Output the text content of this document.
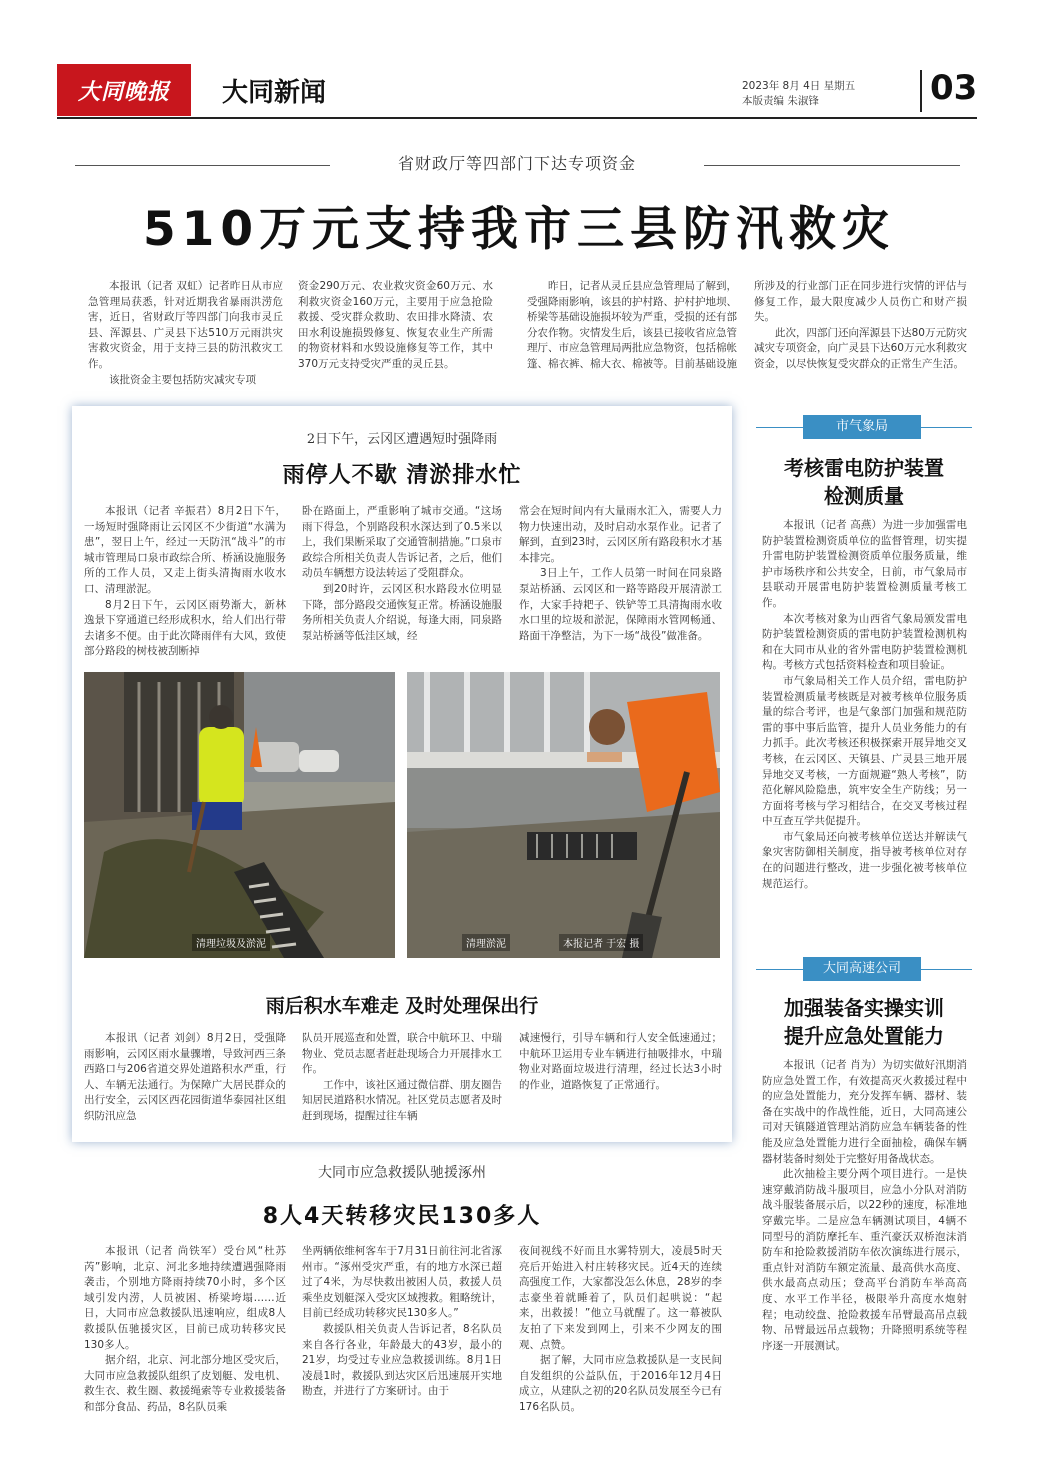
大同晚报	大同新闻	2023年 8月 4日 星期五
本版责编 朱淑锋	03
省财政厅等四部门下达专项资金
510万元支持我市三县防汛救灾

本报讯（记者 双虹）记者昨日从市应急管理局获悉，针对近期我省暴雨洪涝危害，近日，省财政厅等四部门向我市灵丘县、浑源县、广灵县下达510万元雨洪灾害救灾资金，用于支持三县的防汛救灾工作。

该批资金主要包括防灾减灾专项

资金290万元、农业救灾资金60万元、水利救灾资金160万元，主要用于应急抢险救援、受灾群众救助、农田排水降渍、农田水利设施损毁修复、恢复农业生产所需的物资材料和水毁设施修复等工作，其中370万元支持受灾严重的灵丘县。

昨日，记者从灵丘县应急管理局了解到，受强降雨影响，该县的护村路、护村护地坝、桥梁等基础设施损坏较为严重，受损的还有部分农作物。灾情发生后，该县已接收省应急管理厅、市应急管理局两批应急物资，包括棉帐篷、棉衣裤、棉大衣、棉被等。目前基础设施

所涉及的行业部门正在同步进行灾情的评估与修复工作，最大限度减少人员伤亡和财产损失。

此次，四部门还向浑源县下达80万元防灾减灾专项资金，向广灵县下达60万元水利救灾资金，以尽快恢复受灾群众的正常生产生活。

2日下午，云冈区遭遇短时强降雨
雨停人不歇 清淤排水忙

本报讯（记者 辛振君）8月2日下午，一场短时强降雨让云冈区不少街道“水满为患”，翌日上午，经过一天防汛“战斗”的市城市管理局口泉市政综合所、桥涵设施服务所的工作人员，又走上街头清掏雨水收水口、清理淤泥。

8月2日下午，云冈区雨势渐大，新林逸景下穿通道已经形成积水，给人们出行带去诸多不便。由于此次降雨伴有大风，致使部分路段的树枝被刮断掉

卧在路面上，严重影响了城市交通。“这场雨下得急，个别路段积水深达到了0.5米以上，我们果断采取了交通管制措施。”口泉市政综合所相关负责人告诉记者，之后，他们动员车辆想方设法转运了受阻群众。

到20时许，云冈区积水路段水位明显下降，部分路段交通恢复正常。桥涵设施服务所相关负责人介绍说，每逢大雨，同泉路泵站桥涵等低洼区域，经

常会在短时间内有大量雨水汇入，需要人力物力快速出动，及时启动水泵作业。记者了解到，直到23时，云冈区所有路段积水才基本排完。

3日上午，工作人员第一时间在同泉路泵站桥涵、云冈区和一路等路段开展清淤工作，大家手持耙子、铁铲等工具清掏雨水收水口里的垃圾和淤泥，保障雨水管网畅通、路面干净整洁，为下一场“战役”做准备。

清理垃圾及淤泥	清理淤泥	本报记者 于宏 摄
雨后积水车难走 及时处理保出行

本报讯（记者 刘剑）8月2日，受强降雨影响，云冈区雨水量骤增，导致河西三条西路口与206省道交界处道路积水严重，行人、车辆无法通行。为保障广大居民群众的出行安全，云冈区西花园街道华泰园社区组织防汛应急

队员开展巡查和处置，联合中航环卫、中瑞物业、党员志愿者赶赴现场合力开展排水工作。

工作中，该社区通过微信群、朋友圈告知居民道路积水情况。社区党员志愿者及时赶到现场，提醒过往车辆

减速慢行，引导车辆和行人安全低速通过；中航环卫运用专业车辆进行抽吸排水，中瑞物业对路面垃圾进行清理，经过长达3小时的作业，道路恢复了正常通行。

大同市应急救援队驰援涿州
8人4天转移灾民130多人

本报讯（记者 尚铁军）受台风“杜苏芮”影响，北京、河北多地持续遭遇强降雨袭击，个别地方降雨持续70小时，多个区域引发内涝，人员被困、桥梁垮塌……近日，大同市应急救援队迅速响应，组成8人救援队伍驰援灾区，目前已成功转移灾民130多人。

据介绍，北京、河北部分地区受灾后，大同市应急救援队组织了皮划艇、发电机、救生衣、救生圈、救援绳索等专业救援装备和部分食品、药品，8名队员乘

坐两辆依维柯客车于7月31日前往河北省涿州市。“涿州受灾严重，有的地方水深已超过了4米，为尽快救出被困人员，救援人员乘坐皮划艇深入受灾区域搜救。粗略统计，目前已经成功转移灾民130多人。”

救援队相关负责人告诉记者，8名队员来自各行各业，年龄最大的43岁，最小的21岁，均受过专业应急救援训练。8月1日凌晨1时，救援队到达灾区后迅速展开实地勘查，并进行了方案研讨。由于

夜间视线不好而且水雾特别大，凌晨5时天亮后开始进入村庄转移灾民。近4天的连续高强度工作，大家都没怎么休息，28岁的李志豪坐着就睡着了，队员们起哄说：“起来，出救援！”他立马就醒了。这一幕被队友拍了下来发到网上，引来不少网友的围观、点赞。

据了解，大同市应急救援队是一支民间自发组织的公益队伍，于2016年12月4日成立，从建队之初的20名队员发展至今已有176名队员。

市气象局
考核雷电防护装置
检测质量

本报讯（记者 高燕）为进一步加强雷电防护装置检测资质单位的监督管理，切实提升雷电防护装置检测资质单位服务质量，维护市场秩序和公共安全，日前，市气象局市县联动开展雷电防护装置检测质量考核工作。

本次考核对象为山西省气象局颁发雷电防护装置检测资质的雷电防护装置检测机构和在大同市从业的省外雷电防护装置检测机构。考核方式包括资料检查和项目验证。

市气象局相关工作人员介绍，雷电防护装置检测质量考核既是对被考核单位服务质量的综合考评，也是气象部门加强和规范防雷的事中事后监管，提升人员业务能力的有力抓手。此次考核还积极探索开展异地交叉考核，在云冈区、天镇县、广灵县三地开展异地交叉考核，一方面规避“熟人考核”，防范化解风险隐患，筑牢安全生产防线；另一方面将考核与学习相结合，在交叉考核过程中互查互学共促提升。

市气象局还向被考核单位送达并解读气象灾害防御相关制度，指导被考核单位对存在的问题进行整改，进一步强化被考核单位规范运行。

大同高速公司
加强装备实操实训
提升应急处置能力

本报讯（记者 肖为）为切实做好汛期消防应急处置工作，有效提高灭火救援过程中的应急处置能力，充分发挥车辆、器材、装备在实战中的作战性能，近日，大同高速公司对天镇隧道管理站消防应急车辆装备的性能及应急处置能力进行全面抽检，确保车辆器材装备时刻处于完整好用备战状态。

此次抽检主要分两个项目进行。一是快速穿戴消防战斗服项目，应急小分队对消防战斗服装备展示后，以22秒的速度，标准地穿戴完毕。二是应急车辆测试项目，4辆不同型号的消防摩托车、重汽豪沃双桥泡沫消防车和抢险救援消防车依次演练进行展示，重点针对消防车额定流量、最高供水高度、供水最高点动压；登高平台消防车举高高度、水平工作半径，极限举升高度水炮射程；电动绞盘、抢险救援车吊臂最高吊点载物、吊臂最远吊点载物；升降照明系统等程序逐一开展测试。
